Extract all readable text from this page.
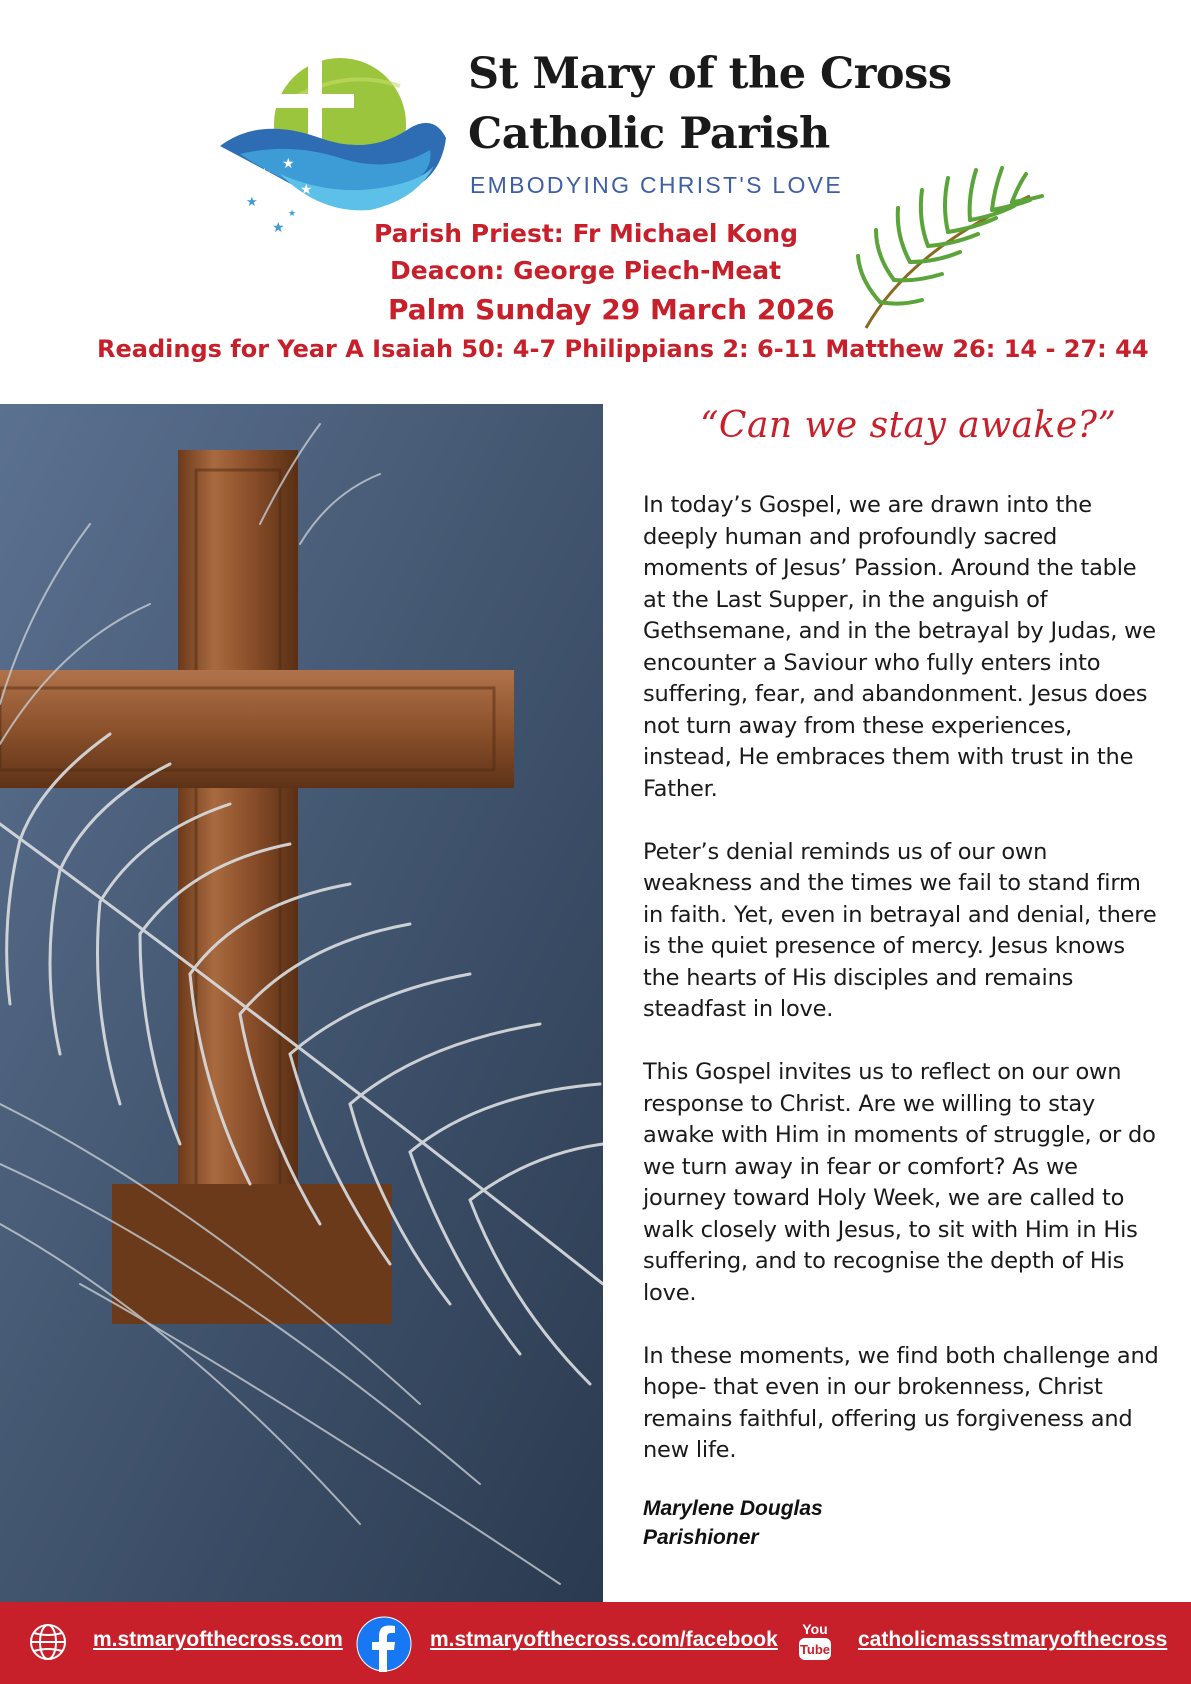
★
★
★
★
★
★
St Mary of the Cross
Catholic Parish
EMBODYING CHRIST'S LOVE
Parish Priest: Fr Michael Kong
Deacon: George Piech-Meat
Palm Sunday 29 March 2026
Readings for Year A Isaiah 50: 4-7 Philippians 2: 6-11 Matthew 26: 14 - 27: 44
“Can we stay awake?”

In today’s Gospel, we are drawn into the deeply human and profoundly sacred moments of Jesus’ Passion. Around the table at the Last Supper, in the anguish of Gethsemane, and in the betrayal by Judas, we encounter a Saviour who fully enters into suffering, fear, and abandonment. Jesus does not turn away from these experiences, instead, He embraces them with trust in the Father.

Peter’s denial reminds us of our own weakness and the times we fail to stand firm in faith. Yet, even in betrayal and denial, there is the quiet presence of mercy. Jesus knows the hearts of His disciples and remains steadfast in love.

This Gospel invites us to reflect on our own response to Christ. Are we willing to stay awake with Him in moments of struggle, or do we turn away in fear or comfort? As we journey toward Holy Week, we are called to walk closely with Jesus, to sit with Him in His suffering, and to recognise the depth of His love.

In these moments, we find both challenge and hope- that even in our brokenness, Christ remains faithful, offering us forgiveness and new life.

Marylene Douglas
Parishioner
m.stmaryofthecross.com	m.stmaryofthecross.com/facebook You
Tube catholicmassstmaryofthecross
